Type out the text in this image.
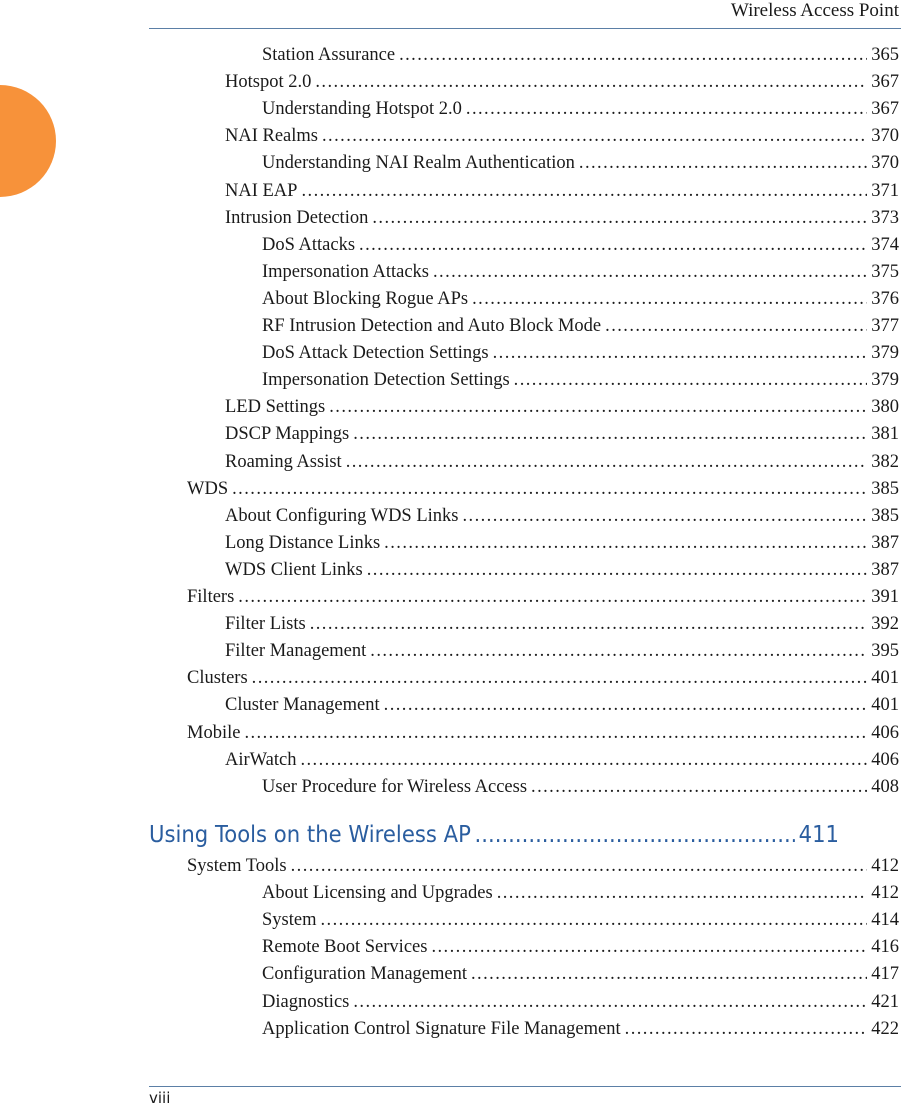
Wireless Access Point
Station Assurance . . .	365
Hotspot 2.0 . . .	367
Understanding Hotspot 2.0 . . .	367
NAI Realms . . .	370
Understanding NAI Realm Authentication . . .	370
NAI EAP . . .	371
Intrusion Detection . . .	373
DoS Attacks . . .	374
Impersonation Attacks . . .	375
About Blocking Rogue APs . . .	376
RF Intrusion Detection and Auto Block Mode . . .	377
DoS Attack Detection Settings . . .	379
Impersonation Detection Settings . . .	379
LED Settings . . .	380
DSCP Mappings . . .	381
Roaming Assist . . .	382
WDS . . .	385
About Configuring WDS Links . . .	385
Long Distance Links . . .	387
WDS Client Links . . .	387
Filters . . .	391
Filter Lists . . .	392
Filter Management . . .	395
Clusters . . .	401
Cluster Management . . .	401
Mobile . . .	406
AirWatch . . .	406
User Procedure for Wireless Access . . .	408
System Tools . . .	412
About Licensing and Upgrades . . .	412
System . . .	414
Remote Boot Services . . .	416
Configuration Management . . .	417
Diagnostics . . .	421
Application Control Signature File Management . . .	422
Using Tools on the Wireless AP .....	411
viii
